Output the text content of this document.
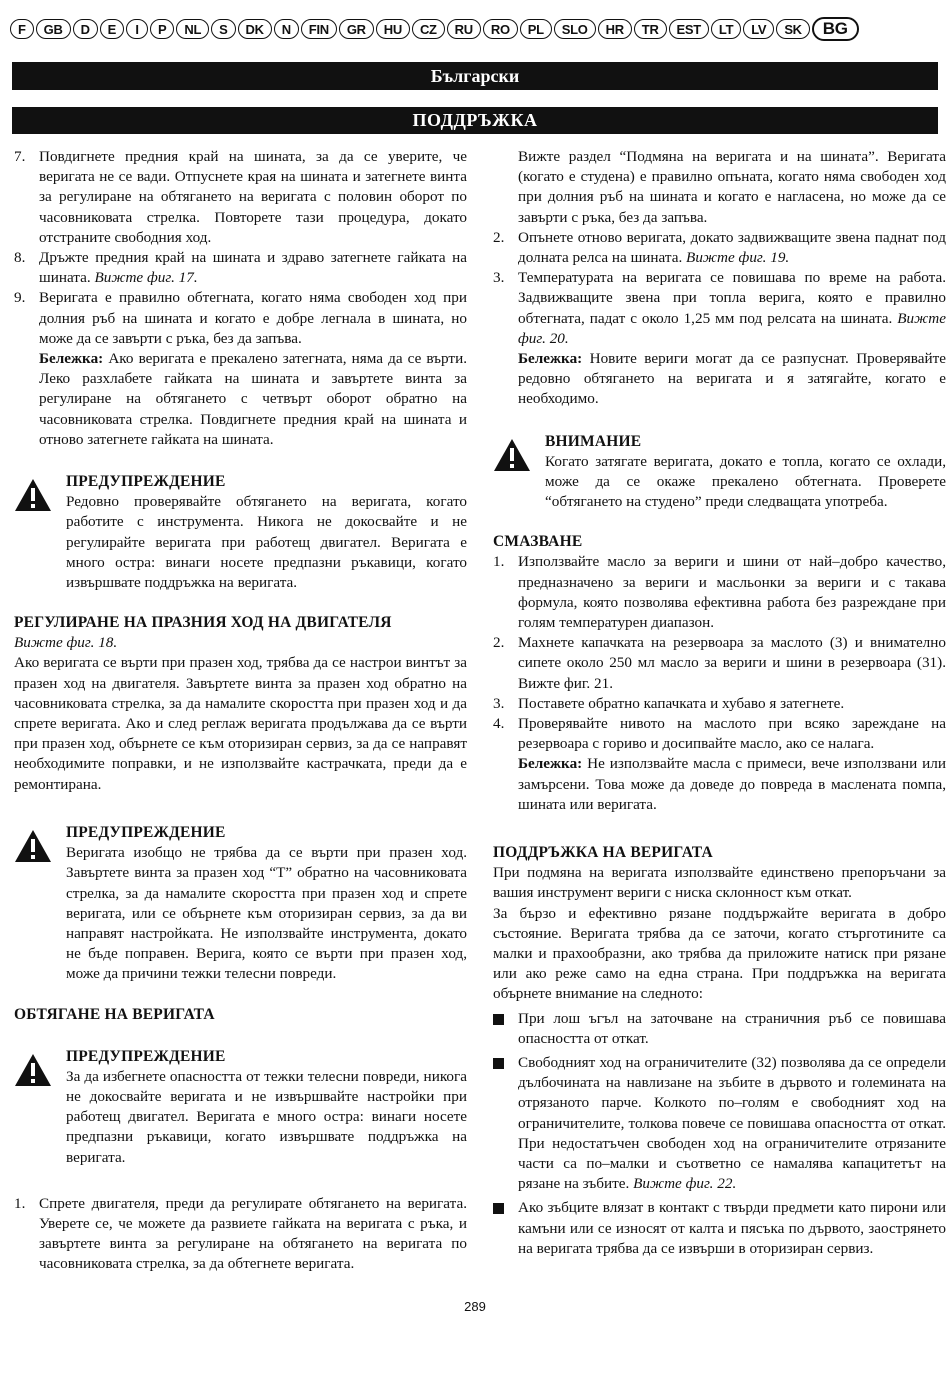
F	GB	D	E	I	P	NL	S	DK	N	FIN	GR	HU	CZ	RU	RO	PL	SLO	HR	TR	EST	LT	LV	SK	BG
Български
ПОДДРЪЖКА
7. Повдигнете предния край на шината, за да се уверите, че веригата не се вади. Отпуснете края на шината и затегнете винта за регулиране на обтягането на веригата с половин оборот по часовниковата стрелка. Повторете тази процедура, докато отстраните свободния ход.
8. Дръжте предния край на шината и здраво затегнете гайката на шината. Вижте фиг. 17.
9. Веригата е правилно обтегната, когато няма свободен ход при долния ръб на шината и когато е добре легнала в шината, но може да се завърти с ръка, без да запъва.
Бележка: Ако веригата е прекалено затегната, няма да се върти. Леко разхлабете гайката на шината и завъртете винта за регулиране на обтягането с четвърт оборот обратно на часовниковата стрелка. Повдигнете предния край на шината и отново затегнете гайката на шината.
ПРЕДУПРЕЖДЕНИЕ
Редовно проверявайте обтягането на веригата, когато работите с инструмента. Никога не докосвайте и не регулирайте веригата при работещ двигател. Веригата е много остра: винаги носете предпазни ръкавици, когато извършвате поддръжка на веригата.
РЕГУЛИРАНЕ НА ПРАЗНИЯ ХОД НА ДВИГАТЕЛЯ
Вижте фиг. 18.
Ако веригата се върти при празен ход, трябва да се настрои винтът за празен ход на двигателя. Завъртете винта за празен ход обратно на часовниковата стрелка, за да намалите скоростта при празен ход и да спрете веригата. Ако и след реглаж веригата продължава да се върти при празен ход, обърнете се към оторизиран сервиз, за да се направят необходимите поправки, и не използвайте кастрачката, преди да е ремонтирана.
ПРЕДУПРЕЖДЕНИЕ
Веригата изобщо не трябва да се върти при празен ход. Завъртете винта за празен ход “T” обратно на часовниковата стрелка, за да намалите скоростта при празен ход и спрете веригата, или се обърнете към оторизиран сервиз, за да ви направят настройката. Не използвайте инструмента, докато не бъде поправен. Верига, която се върти при празен ход, може да причини тежки телесни повреди.
ОБТЯГАНЕ НА ВЕРИГАТА
ПРЕДУПРЕЖДЕНИЕ
За да избегнете опасността от тежки телесни повреди, никога не докосвайте веригата и не извършвайте настройки при работещ двигател. Веригата е много остра: винаги носете предпазни ръкавици, когато извършвате поддръжка на веригата.
1. Спрете двигателя, преди да регулирате обтягането на веригата. Уверете се, че можете да развиете гайката на веригата с ръка, и завъртете винта за регулиране на обтягането на веригата по часовниковата стрелка, за да обтегнете веригата.
Вижте раздел “Подмяна на веригата и на шината”. Веригата (когато е студена) е правилно опъната, когато няма свободен ход при долния ръб на шината и когато е нагласена, но може да се завърти с ръка, без да запъва.
2. Опънете отново веригата, докато задвижващите звена паднат под долната релса на шината. Вижте фиг. 19.
3. Температурата на веригата се повишава по време на работа. Задвижващите звена при топла верига, която е правилно обтегната, падат с около 1,25 мм под релсата на шината. Вижте фиг. 20.
Бележка: Новите вериги могат да се разпуснат. Проверявайте редовно обтягането на веригата и я затягайте, когато е необходимо.
ВНИМАНИЕ
Когато затягате веригата, докато е топла, когато се охлади, може да се окаже прекалено обтегната. Проверете “обтягането на студено” преди следващата употреба.
СМАЗВАНЕ
1. Използвайте масло за вериги и шини от най–добро качество, предназначено за вериги и масльонки за вериги и с такава формула, която позволява ефективна работа без разреждане при голям температурен диапазон.
2. Махнете капачката на резервоара за маслото (3) и внимателно сипете около 250 мл масло за вериги и шини в резервоара (31). Вижте фиг. 21.
3. Поставете обратно капачката и хубаво я затегнете.
4. Проверявайте нивото на маслото при всяко зареждане на резервоара с гориво и досипвайте масло, ако се налага.
Бележка: Не използвайте масла с примеси, вече използвани или замърсени. Това може да доведе до повреда в маслената помпа, шината или веригата.
ПОДДРЪЖКА НА ВЕРИГАТА
При подмяна на веригата използвайте единствено препоръчани за вашия инструмент вериги с ниска склонност към откат.
За бързо и ефективно рязане поддържайте веригата в добро състояние. Веригата трябва да се заточи, когато стърготините са малки и прахообразни, ако трябва да приложите натиск при рязане или ако реже само на една страна. При поддръжка на веригата обърнете внимание на следното:
При лош ъгъл на заточване на страничния ръб се повишава опасността от откат.
Свободният ход на ограничителите (32) позволява да се определи дълбочината на навлизане на зъбите в дървото и големината на отрязаното парче. Колкото по–голям е свободният ход на ограничителите, толкова повече се повишава опасността от откат. При недостатъчен свободен ход на ограничителите отрязаните части са по–малки и съответно се намалява капацитетът на рязане на зъбите. Вижте фиг. 22.
Ако зъбците влязат в контакт с твърди предмети като пирони или камъни или се износят от калта и пясъка по дървото, заострянето на веригата трябва да се извърши в оторизиран сервиз.
289
